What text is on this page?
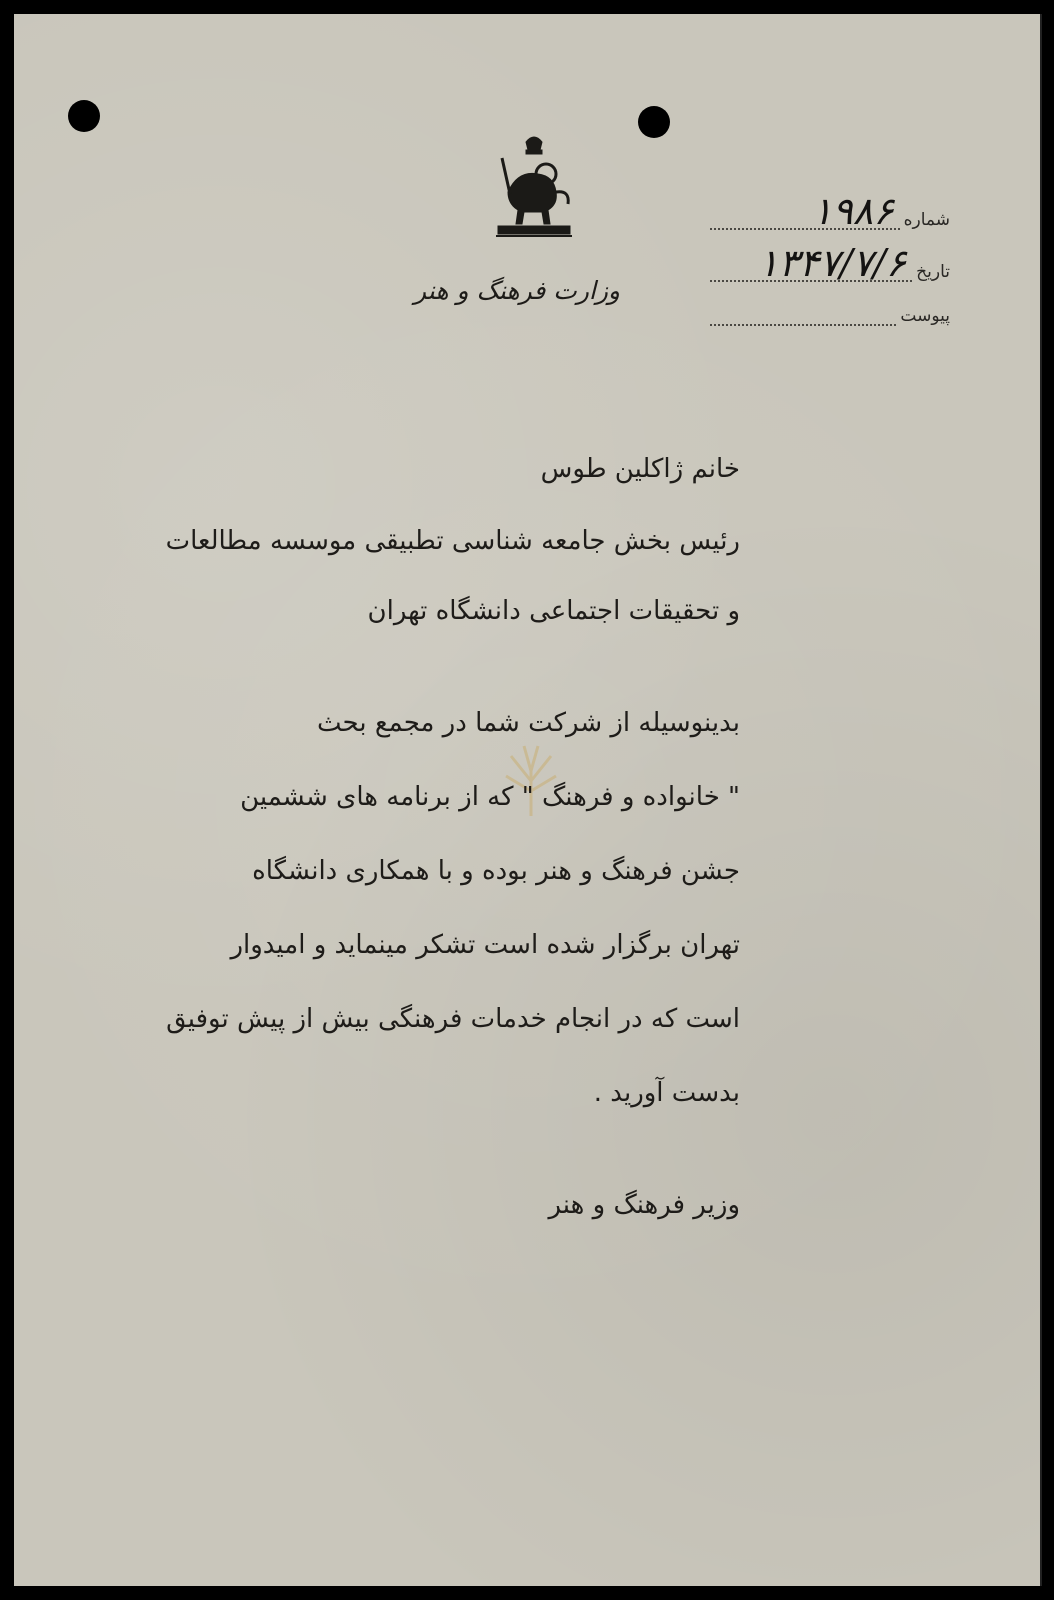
وزارت فرهنگ و هنر
شماره
۱۹۸۶
تاریخ
۱۳۴۷/۷/۶
پیوست
خانم ژاکلین طوس
رئیس بخش جامعه شناسی تطبیقی موسسه مطالعات
و تحقیقات اجتماعی دانشگاه تهران
بدینوسیله از شرکت شما در مجمع بحث
" خانواده و فرهنگ " که از برنامه های ششمین
جشن فرهنگ و هنر بوده و با همکاری دانشگاه
تهران برگزار شده است تشکر مینماید و امیدوار
است که در انجام خدمات فرهنگی بیش از پیش توفیق
بدست آورید .
وزیر فرهنگ و هنر
